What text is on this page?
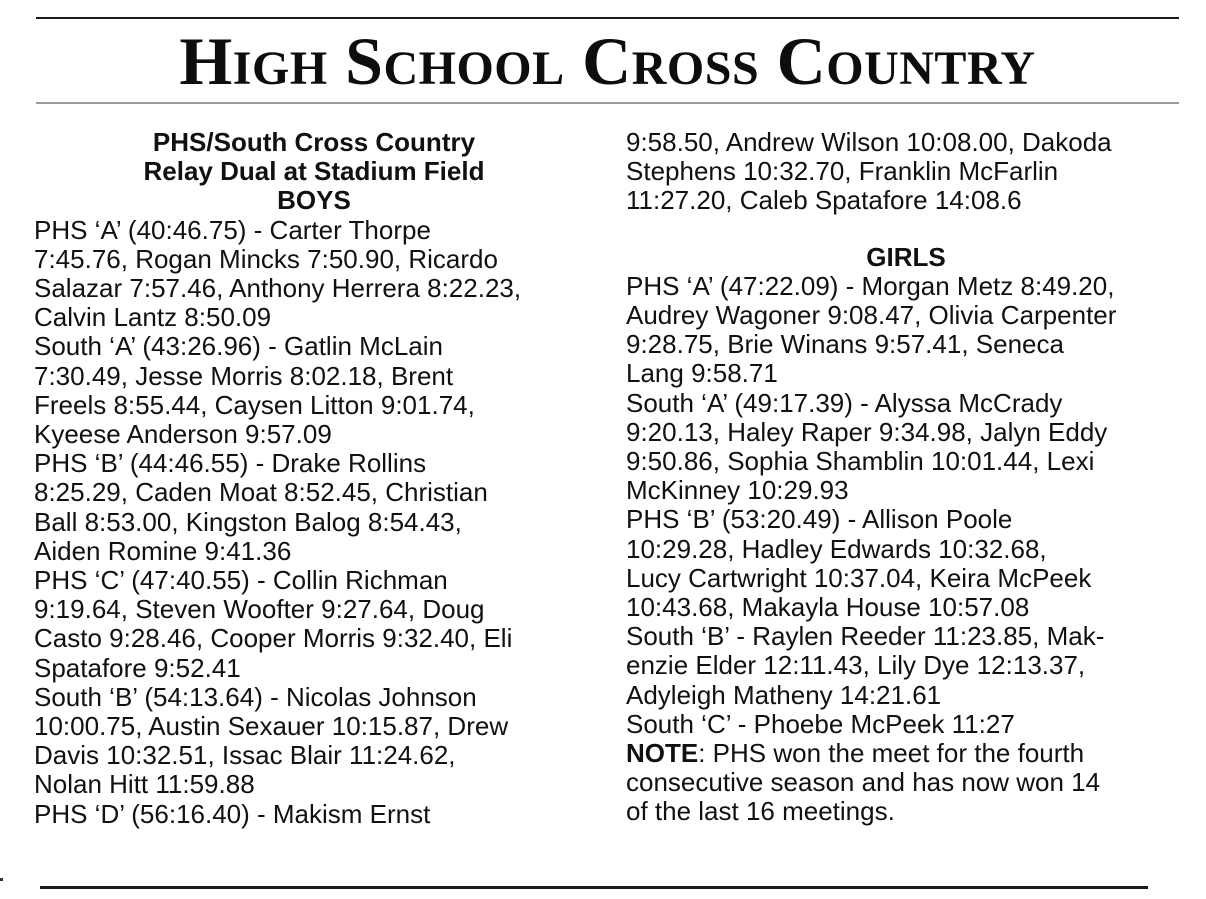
High School Cross Country
PHS/South Cross Country
Relay Dual at Stadium Field
BOYS
PHS ‘A’ (40:46.75) - Carter Thorpe
7:45.76, Rogan Mincks 7:50.90, Ricardo
Salazar 7:57.46, Anthony Herrera 8:22.23,
Calvin Lantz 8:50.09
South ‘A’ (43:26.96) - Gatlin McLain
7:30.49, Jesse Morris 8:02.18, Brent
Freels 8:55.44, Caysen Litton 9:01.74,
Kyeese Anderson 9:57.09
PHS ‘B’ (44:46.55) - Drake Rollins
8:25.29, Caden Moat 8:52.45, Christian
Ball 8:53.00, Kingston Balog 8:54.43,
Aiden Romine 9:41.36
PHS ‘C’ (47:40.55) - Collin Richman
9:19.64, Steven Woofter 9:27.64, Doug
Casto 9:28.46, Cooper Morris 9:32.40, Eli
Spatafore 9:52.41
South ‘B’ (54:13.64) - Nicolas Johnson
10:00.75, Austin Sexauer 10:15.87, Drew
Davis 10:32.51, Issac Blair 11:24.62,
Nolan Hitt 11:59.88
PHS ‘D’ (56:16.40) - Makism Ernst
9:58.50, Andrew Wilson 10:08.00, Dakoda
Stephens 10:32.70, Franklin McFarlin
11:27.20, Caleb Spatafore 14:08.6
GIRLS
PHS ‘A’ (47:22.09) - Morgan Metz 8:49.20,
Audrey Wagoner 9:08.47, Olivia Carpenter
9:28.75, Brie Winans 9:57.41, Seneca
Lang 9:58.71
South ‘A’ (49:17.39) - Alyssa McCrady
9:20.13, Haley Raper 9:34.98, Jalyn Eddy
9:50.86, Sophia Shamblin 10:01.44, Lexi
McKinney 10:29.93
PHS ‘B’ (53:20.49) - Allison Poole
10:29.28, Hadley Edwards 10:32.68,
Lucy Cartwright 10:37.04, Keira McPeek
10:43.68, Makayla House 10:57.08
South ‘B’ - Raylen Reeder 11:23.85, Mak-
enzie Elder 12:11.43, Lily Dye 12:13.37,
Adyleigh Matheny 14:21.61
South ‘C’ - Phoebe McPeek 11:27
NOTE: PHS won the meet for the fourth
consecutive season and has now won 14
of the last 16 meetings.
